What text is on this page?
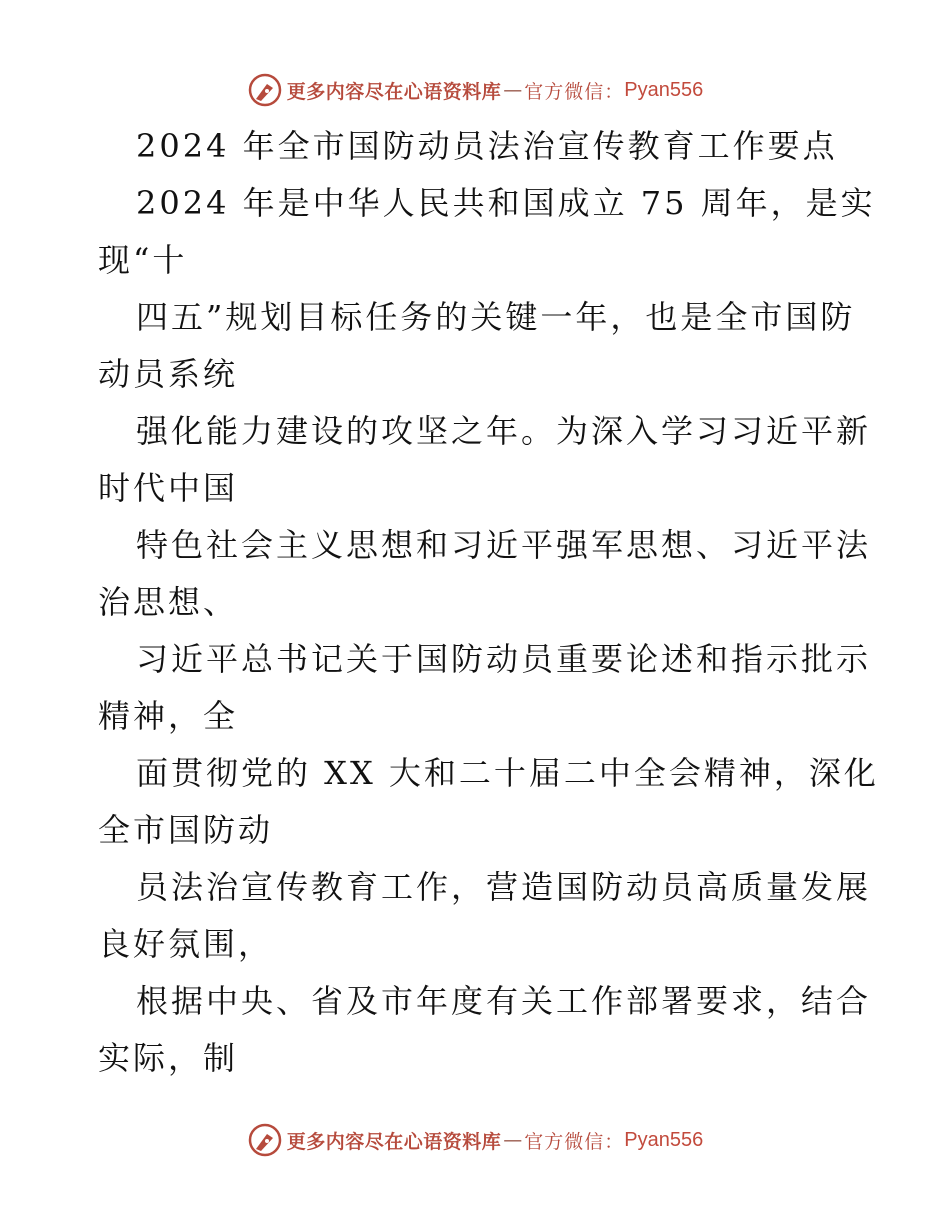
更多内容尽在心语资料库 — 官方微信： Pyan556
2024 年全市国防动员法治宣传教育工作要点
2024 年是中华人民共和国成立 75 周年，是实
现“十
四五”规划目标任务的关键一年，也是全市国防
动员系统
强化能力建设的攻坚之年。为深入学习习近平新
时代中国
特色社会主义思想和习近平强军思想、习近平法
治思想、
习近平总书记关于国防动员重要论述和指示批示
精神，全
面贯彻党的 XX 大和二十届二中全会精神，深化
全市国防动
员法治宣传教育工作，营造国防动员高质量发展
良好氛围，
根据中央、省及市年度有关工作部署要求，结合
实际，制
更多内容尽在心语资料库 — 官方微信： Pyan556
